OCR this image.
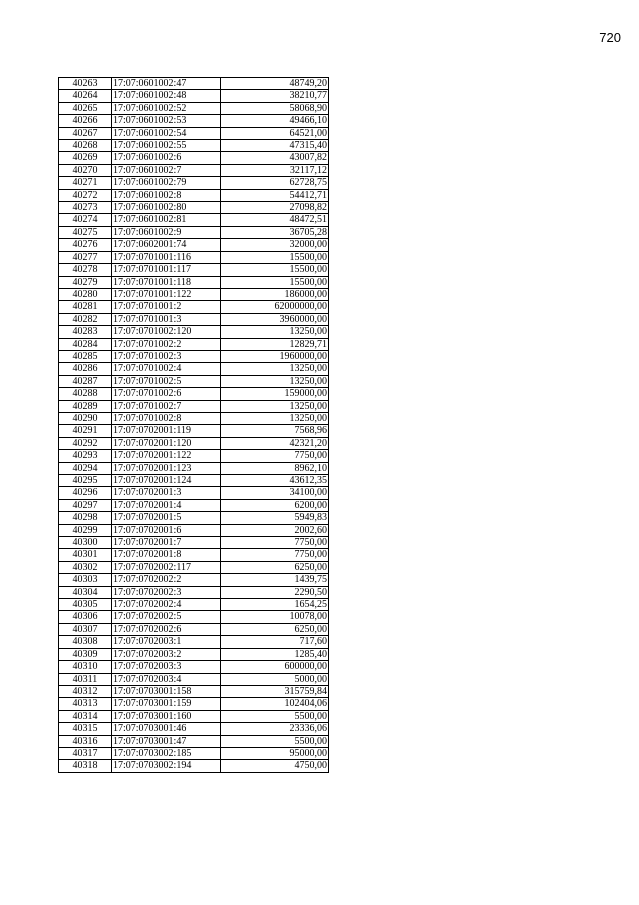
720
40263	17:07:0601002:47	48749,20
40264	17:07:0601002:48	38210,77
40265	17:07:0601002:52	58068,90
40266	17:07:0601002:53	49466,10
40267	17:07:0601002:54	64521,00
40268	17:07:0601002:55	47315,40
40269	17:07:0601002:6	43007,82
40270	17:07:0601002:7	32117,12
40271	17:07:0601002:79	62728,75
40272	17:07:0601002:8	54412,71
40273	17:07:0601002:80	27098,82
40274	17:07:0601002:81	48472,51
40275	17:07:0601002:9	36705,28
40276	17:07:0602001:74	32000,00
40277	17:07:0701001:116	15500,00
40278	17:07:0701001:117	15500,00
40279	17:07:0701001:118	15500,00
40280	17:07:0701001:122	186000,00
40281	17:07:0701001:2	62000000,00
40282	17:07:0701001:3	3960000,00
40283	17:07:0701002:120	13250,00
40284	17:07:0701002:2	12829,71
40285	17:07:0701002:3	1960000,00
40286	17:07:0701002:4	13250,00
40287	17:07:0701002:5	13250,00
40288	17:07:0701002:6	159000,00
40289	17:07:0701002:7	13250,00
40290	17:07:0701002:8	13250,00
40291	17:07:0702001:119	7568,96
40292	17:07:0702001:120	42321,20
40293	17:07:0702001:122	7750,00
40294	17:07:0702001:123	8962,10
40295	17:07:0702001:124	43612,35
40296	17:07:0702001:3	34100,00
40297	17:07:0702001:4	6200,00
40298	17:07:0702001:5	5949,83
40299	17:07:0702001:6	2002,60
40300	17:07:0702001:7	7750,00
40301	17:07:0702001:8	7750,00
40302	17:07:0702002:117	6250,00
40303	17:07:0702002:2	1439,75
40304	17:07:0702002:3	2290,50
40305	17:07:0702002:4	1654,25
40306	17:07:0702002:5	10078,00
40307	17:07:0702002:6	6250,00
40308	17:07:0702003:1	717,60
40309	17:07:0702003:2	1285,40
40310	17:07:0702003:3	600000,00
40311	17:07:0702003:4	5000,00
40312	17:07:0703001:158	315759,84
40313	17:07:0703001:159	102404,06
40314	17:07:0703001:160	5500,00
40315	17:07:0703001:46	23336,06
40316	17:07:0703001:47	5500,00
40317	17:07:0703002:185	95000,00
40318	17:07:0703002:194	4750,00
